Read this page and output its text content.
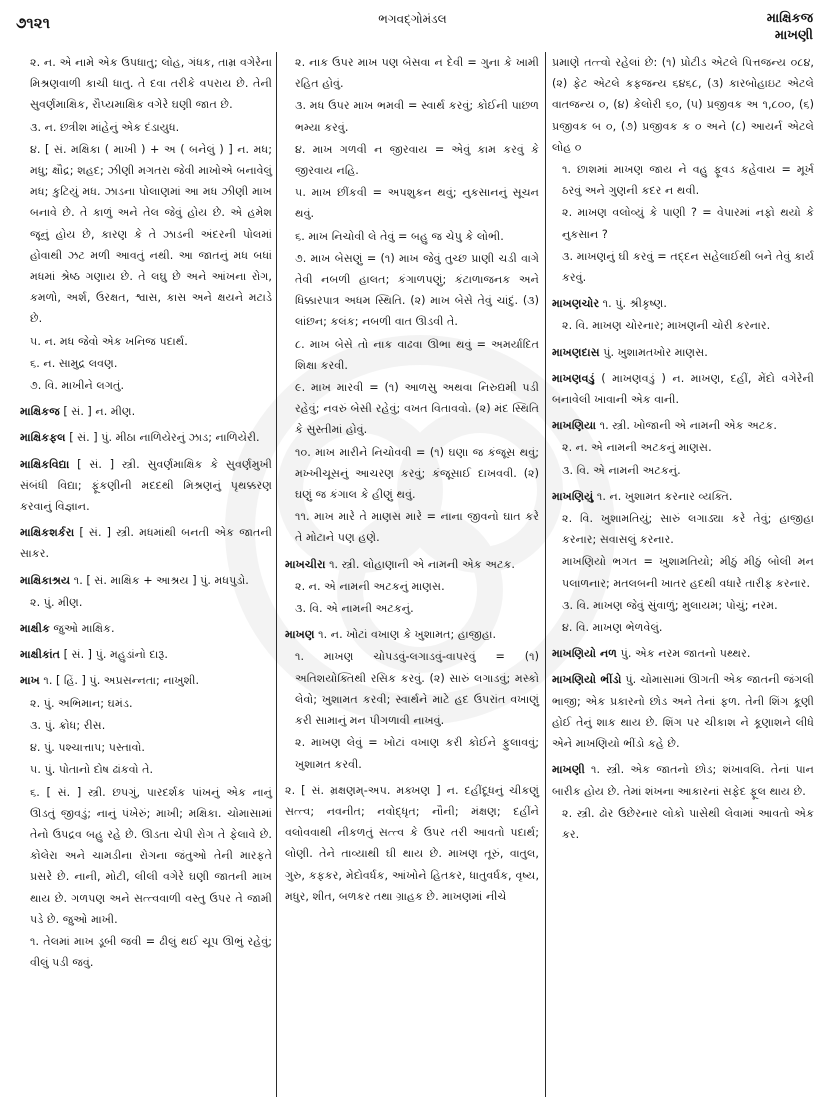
૭૧૨૧	ભગવદ્ગોમંડલ	માક્ષિકજ
માખણી

૨. ન. એ નામે એક ઉપધાતુ; લોહ, ગંધક, તામ્ર વગેરેના મિશ્રણવાળી કાચી ધાતુ. તે દવા તરીકે વપરાય છે. તેની સુવર્ણમાક્ષિક, રૌપ્યમાક્ષિક વગેરે ઘણી જાત છે.

૩. ન. છત્રીશ માંહેનું એક દંડાયુધ.

૪. [ સં. મક્ષિકા ( માખી ) + અ ( બનેલું ) ] ન. મધ; મધુ; ક્ષૌદ્ર; શહદ; ઝીણી મગતરા જેવી માખોએ બનાવેલું મધ; કુટિયું મધ. ઝાડના પોલાણમાં આ મધ ઝીણી માખ બનાવે છે. તે કાળું અને તેલ જેવું હોય છે. એ હમેશ જૂનું હોય છે, કારણ કે તે ઝાડની અંદરની પોલમાં હોવાથી ઝટ મળી આવતું નથી. આ જાતનું મધ બધાં મધમાં શ્રેષ્ઠ ગણાય છે. તે લઘુ છે અને આંખના રોગ, કમળો, અર્શ, ઉરક્ષત, શ્વાસ, કાસ અને ક્ષયને મટાડે છે.

૫. ન. મધ જેવો એક ખનિજ પદાર્થ.

૬. ન. સામુદ્ર લવણ.

૭. વિ. માખીને લગતું.

માક્ષિકજ [ સં. ] ન. મીણ.

માક્ષિકફલ [ સં. ] પું. મીઠા નાળિયેરનું ઝાડ; નાળિયેરી.

માક્ષિકવિદ્યા [ સં. ] સ્ત્રી. સુવર્ણમાક્ષિક કે સુવર્ણમુખી સંબંધી વિદ્યા; ફૂંકણીની મદદથી મિશ્રણનું પૃથક્કરણ કરવાનું વિજ્ઞાન.

માક્ષિકશર્કરા [ સં. ] સ્ત્રી. મધમાંથી બનતી એક જાતની સાકર.

માક્ષિકાશ્રય ૧. [ સં. માક્ષિક + આશ્રય ] પું. મધપુડો.

૨. પું. મીણ.

માક્ષીક જુઓ માક્ષિક.

માક્ષીકાંત [ સં. ] પું. મહુડાંનો દારૂ.

માખ ૧. [ હિં. ] પું. અપ્રસન્નતા; નાખુશી.

૨. પું. અભિમાન; ઘમંડ.

૩. પું. ક્રોધ; રીસ.

૪. પું. પશ્ચાત્તાપ; પસ્તાવો.

૫. પું. પોતાનો દોષ ઢાંકવો તે.

૬. [ સં. ] સ્ત્રી. છપગું, પારદર્શક પાંખનું એક નાનું ઊડતું જીવડું; નાનું પંખેરું; માખી; મક્ષિકા. ચોમાસામાં તેનો ઉપદ્રવ બહુ રહે છે. ઊડતા ચેપી રોગ તે ફેલાવે છે. કોલેરા અને ચામડીના રોગના જંતુઓ તેની મારફતે પ્રસરે છે. નાની, મોટી, લીલી વગેરે ઘણી જાતની માખ થાય છે. ગળપણ અને સત્ત્વવાળી વસ્તુ ઉપર તે જામી પડે છે. જુઓ માખી.

૧. તેલમાં માખ ડૂબી જવી = ઢીલું થઈ ચૂપ ઊભું રહેવું; વીલું પડી જવું.

૨. નાક ઉપર માખ પણ બેસવા ન દેવી = ગુના કે ખામી રહિત હોવું.

૩. મધ ઉપર માખ ભમવી = સ્વાર્થ કરવું; કોઈની પાછળ ભમ્યા કરવું.

૪. માખ ગળવી ન જીરવાય = એવું કામ કરવું કે જીરવાય નહિ.

૫. માખ છીંકવી = અપશુકન થવું; નુકસાનનું સૂચન થવું.

૬. માખ નિચોવી લે તેવું = બહુ જ ચેપુ કે લોભી.

૭. માખ બેસણું = (૧) માખ જેવું તુચ્છ પ્રાણી ચડી વાગે તેવી નબળી હાલત; કંગાળપણું; કંટાળાજનક અને ધિક્કારપાત્ર અધમ સ્થિતિ. (૨) માખ બેસે તેવું ચાંદું. (૩) લાંછન; કલંક; નબળી વાત ઊડવી તે.

૮. માખ બેસે તો નાક વાઢવા ઊભા થવું = અમર્યાદિત શિક્ષા કરવી.

૯. માખ મારવી = (૧) આળસુ અથવા નિરુદ્યમી પડી રહેવું; નવરું બેસી રહેવું; વખત વિતાવવો. (૨) મંદ સ્થિતિ કે સુસ્તીમાં હોવું.

૧૦. માખ મારીને નિચોવવી = (૧) ઘણા જ કંજૂસ થવું; મખ્ખીચૂસનું આચરણ કરવું; કંજૂસાઈ દાખવવી. (૨) ઘણું જ કંગાલ કે હીણું થવું.

૧૧. માખ મારે તે માણસ મારે = નાના જીવનો ઘાત કરે તે મોટાને પણ હણે.

માખચીરા ૧. સ્ત્રી. લોહાણાની એ નામની એક અટક.

૨. ન. એ નામની અટકનું માણસ.

૩. વિ. એ નામની અટકનું.

માખણ ૧. ન. ખોટાં વખાણ કે ખુશામત; હાજીહા.

૧. માખણ ચોપડવું-લગાડવું-વાપરવું = (૧) અતિશયોક્તિથી રસિક કરવું. (૨) સારું લગાડવું; મસ્કો લેવો; ખુશામત કરવી; સ્વાર્થને માટે હદ ઉપરાંત વખાણું કરી સામાનું મન પીગળાવી નાખવું.

૨. માખણ લેવું = ખોટાં વખાણ કરી કોઈને ફુલાવવું; ખુશામત કરવી.

૨. [ સં. મ્રક્ષણમ્-અપ. મક્ખણ ] ન. દહીંદૂધનું ચીકણું સત્ત્વ; નવનીત; નવોદ્ધૃત; નૌની; મંક્ષણ; દહીંને વલોવવાથી નીકળતું સત્ત્વ કે ઉપર તરી આવતો પદાર્થ; લોણી. તેને તાવ્યાથી ઘી થાય છે. માખણ તૂરું, વાતુલ, ગુરુ, કફકર, મેદોવર્ધક, આંખોને હિતકર, ધાતુવર્ધક, વૃષ્ય, મધુર, શીત, બળકર તથા ગ્રાહક છે. માખણમાં નીચે

પ્રમાણે તત્ત્વો રહેલાં છે: (૧) પ્રોટીડ એટલે પિત્તજન્ય ૦૮૪, (૨) ફેટ એટલે કફજન્ય ૬૪૬૮, (૩) કારબોહાઇટ એટલે વાતજન્ય ૦, (૪) કેલોરી ૬૦, (૫) પ્રજીવક અ ૧,૮૦૦, (૬) પ્રજીવક બ ૦, (૭) પ્રજીવક ક ૦ અને (૮) આયર્ન એટલે લોહ ૦

૧. છાશમાં માખણ જાય ને વહુ ફૂવડ કહેવાય = મૂર્ખ ઠરવું અને ગુણની કદર ન થવી.

૨. માખણ વલોવ્યું કે પાણી ? = વેપારમાં નફો થયો કે નુકસાન ?

૩. માખણનું ઘી કરવું = તદ્દન સહેલાઈથી બને તેવું કાર્ય કરવું.

માખણચોર ૧. પું. શ્રીકૃષ્ણ.

૨. વિ. માખણ ચોરનાર; માખણની ચોરી કરનાર.

માખણદાસ પું. ખુશામતખોર માણસ.

માખણવડું ( માખણવડું ) ન. માખણ, દહીં, મેંદો વગેરેની બનાવેલી ખાવાની એક વાની.

માખણિયા ૧. સ્ત્રી. ખોજાની એ નામની એક અટક.

૨. ન. એ નામની અટકનું માણસ.

૩. વિ. એ નામની અટકનું.

માખણિયું ૧. ન. ખુશામત કરનાર વ્યક્તિ.

૨. વિ. ખુશામતિયું; સારું લગાડ્યા કરે તેવું; હાજીહા કરનાર; સવાસલું કરનાર.

માખણિયો ભગત = ખુશામતિયો; મીઠું મીઠું બોલી મન પલાળનાર; મતલબની ખાતર હદથી વધારે તારીફ કરનાર.

૩. વિ. માખણ જેવું સુંવાળું; મુલાયમ; પોચું; નરમ.

૪. વિ. માખણ ભેળવેલું.

માખણિયો નળ પું. એક નરમ જાતનો પથ્થર.

માખણિયો ભીંડો પું. ચોમાસામાં ઊગતી એક જાતની જંગલી ભાજી; એક પ્રકારનો છોડ અને તેનાં ફળ. તેની શિંગ કૂણી હોઈ તેનું શાક થાય છે. શિંગ પર ચીકાશ ને કૂણાશને લીધે એને માખણિયો ભીંડો કહે છે.

માખણી ૧. સ્ત્રી. એક જાતનો છોડ; શંખાવલિ. તેનાં પાન બારીક હોય છે. તેમાં શંખના આકારનાં સફેદ ફૂલ થાય છે.

૨. સ્ત્રી. ઢોર ઉછેરનાર લોકો પાસેથી લેવામાં આવતો એક કર.
